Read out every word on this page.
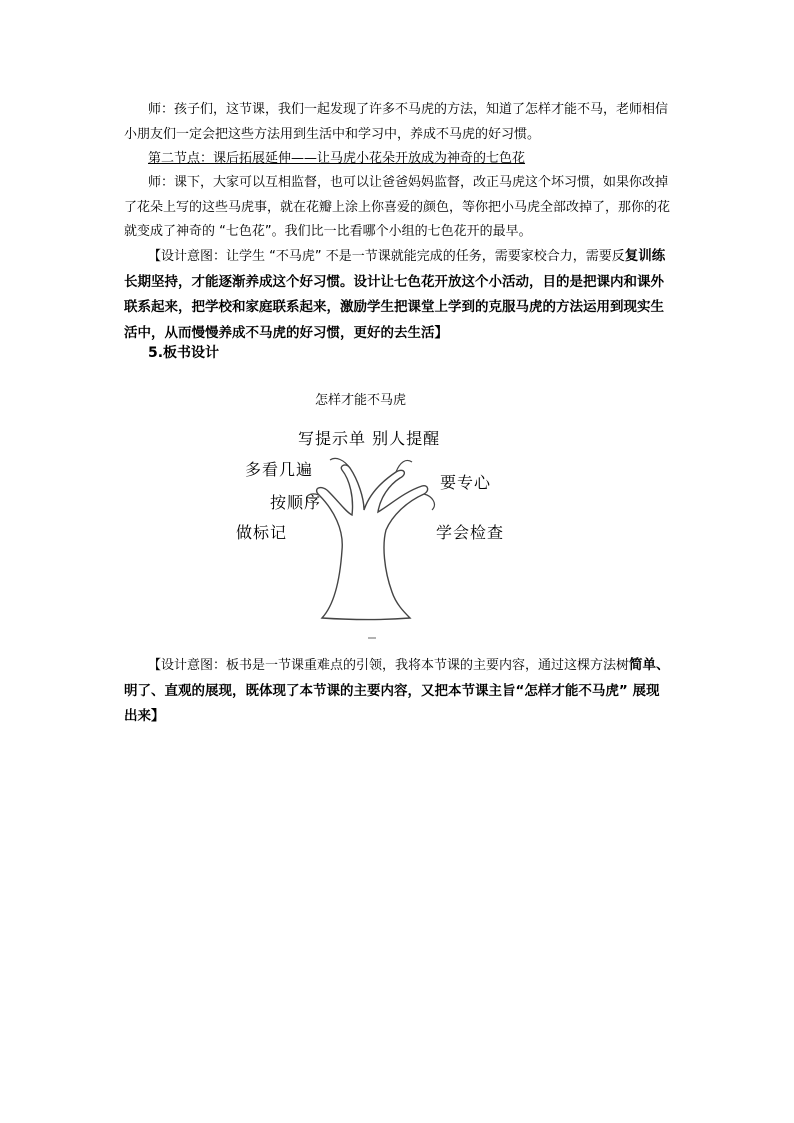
师：孩子们，这节课，我们一起发现了许多不马虎的方法，知道了怎样才能不马，老师相信小朋友们一定会把这些方法用到生活中和学习中，养成不马虎的好习惯。
第二节点：课后拓展延伸——让马虎小花朵开放成为神奇的七色花
师：课下，大家可以互相监督，也可以让爸爸妈妈监督，改正马虎这个坏习惯，如果你改掉了花朵上写的这些马虎事，就在花瓣上涂上你喜爱的颜色，等你把小马虎全部改掉了，那你的花就变成了神奇的 “七色花”。我们比一比看哪个小组的七色花开的最早。
【设计意图：让学生 “不马虎” 不是一节课就能完成的任务，需要家校合力，需要反复训练长期坚持，才能逐渐养成这个好习惯。设计让七色花开放这个小活动，目的是把课内和课外联系起来，把学校和家庭联系起来，激励学生把课堂上学到的克服马虎的方法运用到现实生活中，从而慢慢养成不马虎的好习惯，更好的去生活】
5.板书设计
怎样才能不马虎
写提示单 别人提醒
多看几遍
按顺序
做标记
要专心
学会检查
【设计意图：板书是一节课重难点的引领，我将本节课的主要内容，通过这棵方法树简单、明了、直观的展现，既体现了本节课的主要内容，又把本节课主旨“怎样才能不马虎” 展现出来】
